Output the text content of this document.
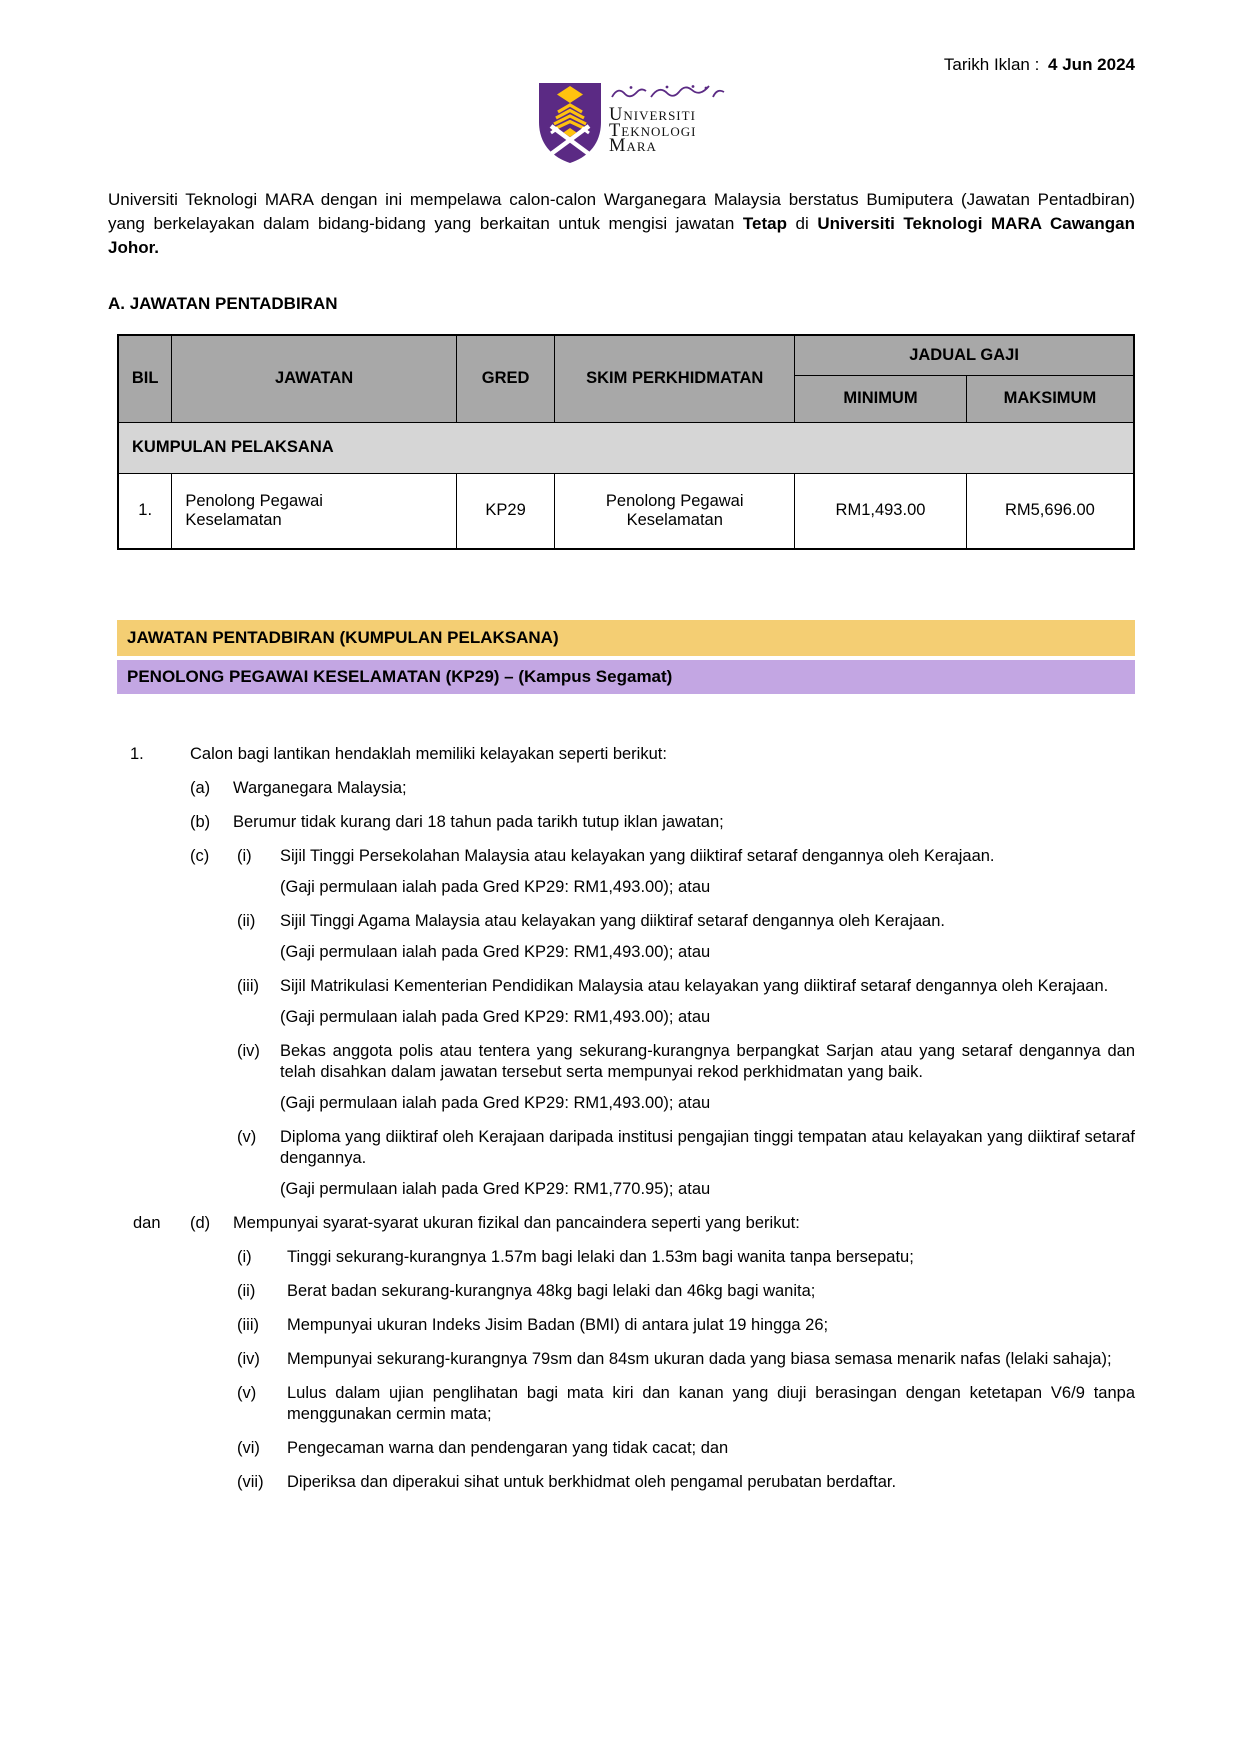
Tarikh Iklan : 4 Jun 2024
Universiti
Teknologi
Mara

Universiti Teknologi MARA dengan ini mempelawa calon-calon Warganegara Malaysia berstatus Bumiputera (Jawatan Pentadbiran) yang berkelayakan dalam bidang-bidang yang berkaitan untuk mengisi jawatan Tetap di Universiti Teknologi MARA Cawangan Johor.

A. JAWATAN PENTADBIRAN
BIL	JAWATAN	GRED	SKIM PERKHIDMATAN	JADUAL GAJI	
				MINIMUM	MAKSIMUM
KUMPULAN PELAKSANA					
1.	Penolong Pegawai Keselamatan	KP29	Penolong Pegawai Keselamatan	RM1,493.00	RM5,696.00
JAWATAN PENTADBIRAN (KUMPULAN PELAKSANA)
PENOLONG PEGAWAI KESELAMATAN (KP29) – (Kampus Segamat)
1.	Calon bagi lantikan hendaklah memiliki kelayakan seperti berikut:
(a)	Warganegara Malaysia;
(b)	Berumur tidak kurang dari 18 tahun pada tarikh tutup iklan jawatan;
(c)	(i)	Sijil Tinggi Persekolahan Malaysia atau kelayakan yang diiktiraf setaraf dengannya oleh Kerajaan.
(Gaji permulaan ialah pada Gred KP29: RM1,493.00); atau
(ii)	Sijil Tinggi Agama Malaysia atau kelayakan yang diiktiraf setaraf dengannya oleh Kerajaan.
(Gaji permulaan ialah pada Gred KP29: RM1,493.00); atau
(iii)	Sijil Matrikulasi Kementerian Pendidikan Malaysia atau kelayakan yang diiktiraf setaraf dengannya oleh Kerajaan.
(Gaji permulaan ialah pada Gred KP29: RM1,493.00); atau
(iv)	Bekas anggota polis atau tentera yang sekurang-kurangnya berpangkat Sarjan atau yang setaraf dengannya dan telah disahkan dalam jawatan tersebut serta mempunyai rekod perkhidmatan yang baik.
(Gaji permulaan ialah pada Gred KP29: RM1,493.00); atau
(v)	Diploma yang diiktiraf oleh Kerajaan daripada institusi pengajian tinggi tempatan atau kelayakan yang diiktiraf setaraf dengannya.
(Gaji permulaan ialah pada Gred KP29: RM1,770.95); atau
dan	(d)	Mempunyai syarat-syarat ukuran fizikal dan pancaindera seperti yang berikut:
(i)	Tinggi sekurang-kurangnya 1.57m bagi lelaki dan 1.53m bagi wanita tanpa bersepatu;
(ii)	Berat badan sekurang-kurangnya 48kg bagi lelaki dan 46kg bagi wanita;
(iii)	Mempunyai ukuran Indeks Jisim Badan (BMI) di antara julat 19 hingga 26;
(iv)	Mempunyai sekurang-kurangnya 79sm dan 84sm ukuran dada yang biasa semasa menarik nafas (lelaki sahaja);
(v)	Lulus dalam ujian penglihatan bagi mata kiri dan kanan yang diuji berasingan dengan ketetapan V6/9 tanpa menggunakan cermin mata;
(vi)	Pengecaman warna dan pendengaran yang tidak cacat; dan
(vii)	Diperiksa dan diperakui sihat untuk berkhidmat oleh pengamal perubatan berdaftar.
